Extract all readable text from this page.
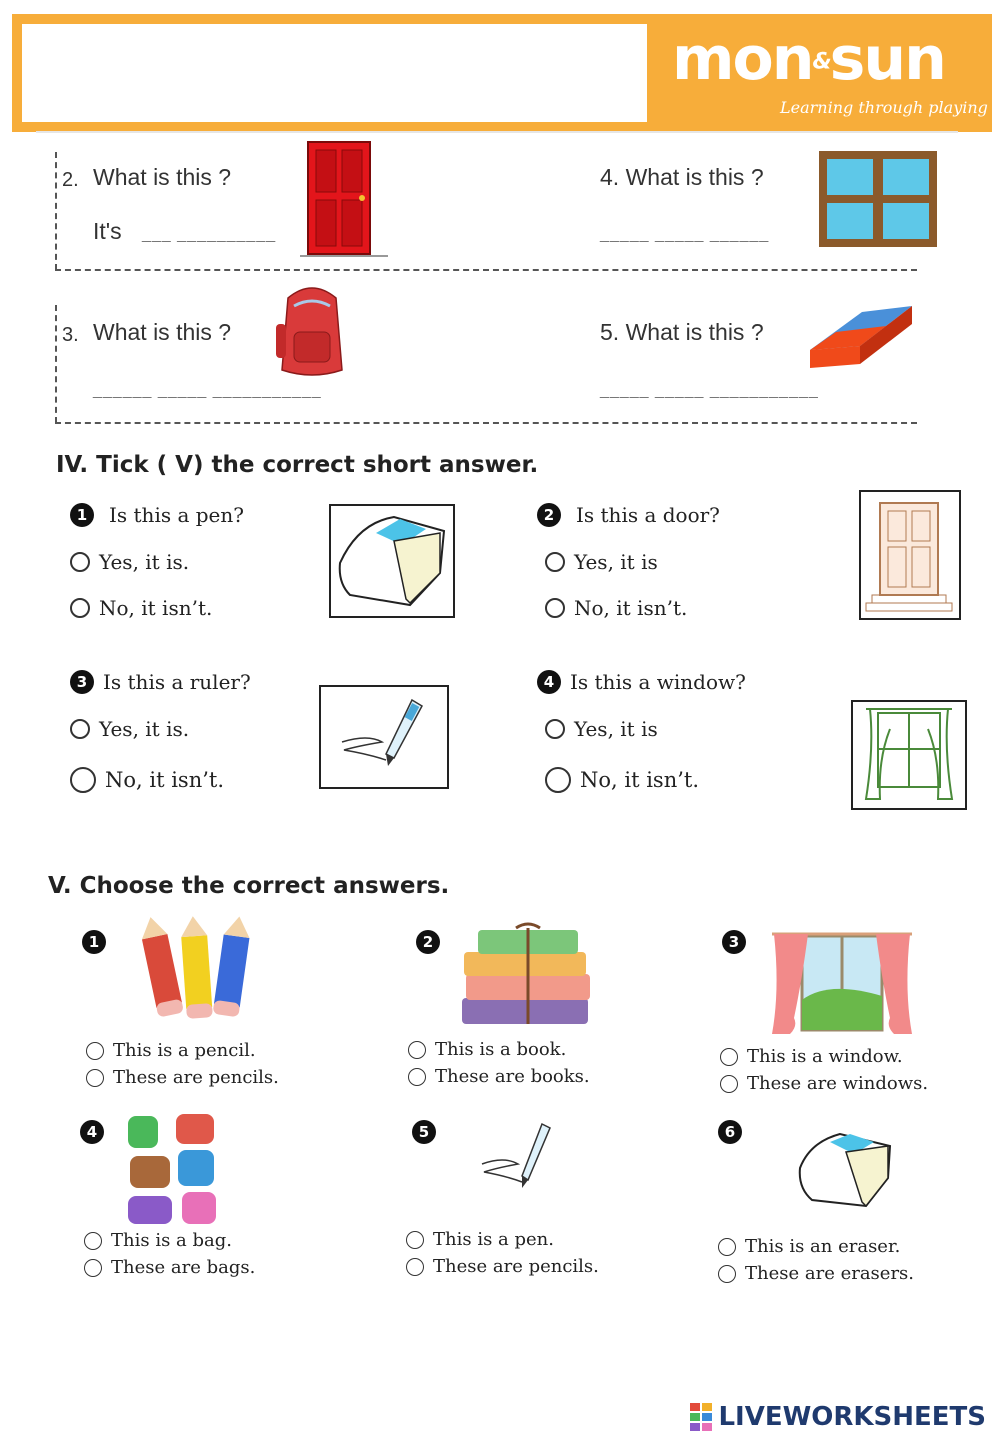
mon&sun
Learning through playing
2. What is this ?
It's ___ __________
4. What is this ?
_____ _____ ______
3. What is this ?
______ _____ ___________
5. What is this ?
_____ _____ ___________
IV. Tick ( V) the correct short answer.
1	Is this a pen?
Yes, it is.
No, it isn’t.
2	Is this a door?
Yes, it is
No, it isn’t.
3 Is this a ruler?
Yes, it is.
No, it isn’t.
4 Is this a window?
Yes, it is
No, it isn’t.
V. Choose the correct answers.
1
This is a pencil.
These are pencils.
2
This is a book.
These are books.
3
This is a window.
These are windows.
4
This is a bag.
These are bags.
5
This is a pen.
These are pencils.
6
This is an eraser.
These are erasers.
LIVEWORKSHEETS
